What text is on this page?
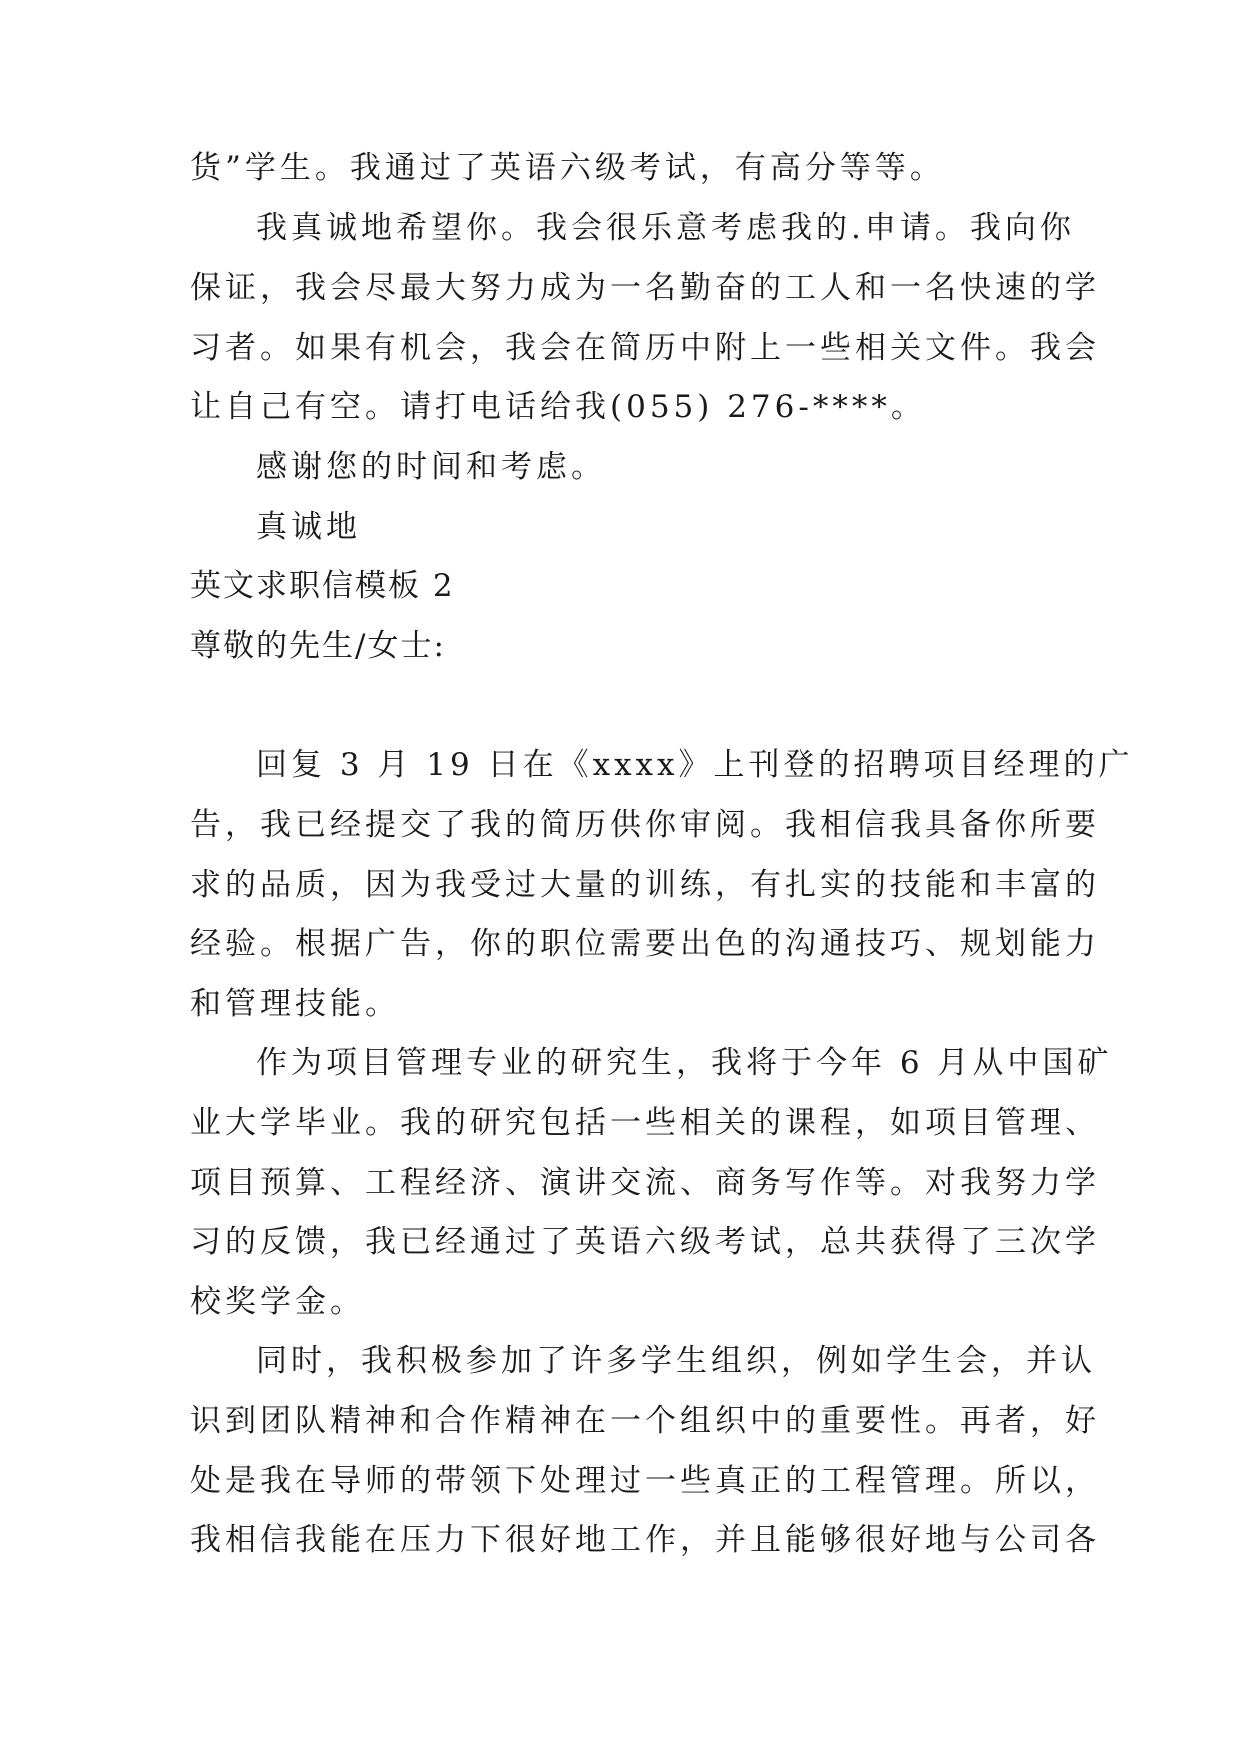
货”学生。我通过了英语六级考试，有高分等等。
我真诚地希望你。我会很乐意考虑我的.申请。我向你
保证，我会尽最大努力成为一名勤奋的工人和一名快速的学
习者。如果有机会，我会在简历中附上一些相关文件。我会
让自己有空。请打电话给我(055) 276-****。
感谢您的时间和考虑。
真诚地
英文求职信模板 2
尊敬的先生/女士:
回复 3 月 19 日在《xxxx》上刊登的招聘项目经理的广
告，我已经提交了我的简历供你审阅。我相信我具备你所要
求的品质，因为我受过大量的训练，有扎实的技能和丰富的
经验。根据广告，你的职位需要出色的沟通技巧、规划能力
和管理技能。
作为项目管理专业的研究生，我将于今年 6 月从中国矿
业大学毕业。我的研究包括一些相关的课程，如项目管理、
项目预算、工程经济、演讲交流、商务写作等。对我努力学
习的反馈，我已经通过了英语六级考试，总共获得了三次学
校奖学金。
同时，我积极参加了许多学生组织，例如学生会，并认
识到团队精神和合作精神在一个组织中的重要性。再者，好
处是我在导师的带领下处理过一些真正的工程管理。所以，
我相信我能在压力下很好地工作，并且能够很好地与公司各
